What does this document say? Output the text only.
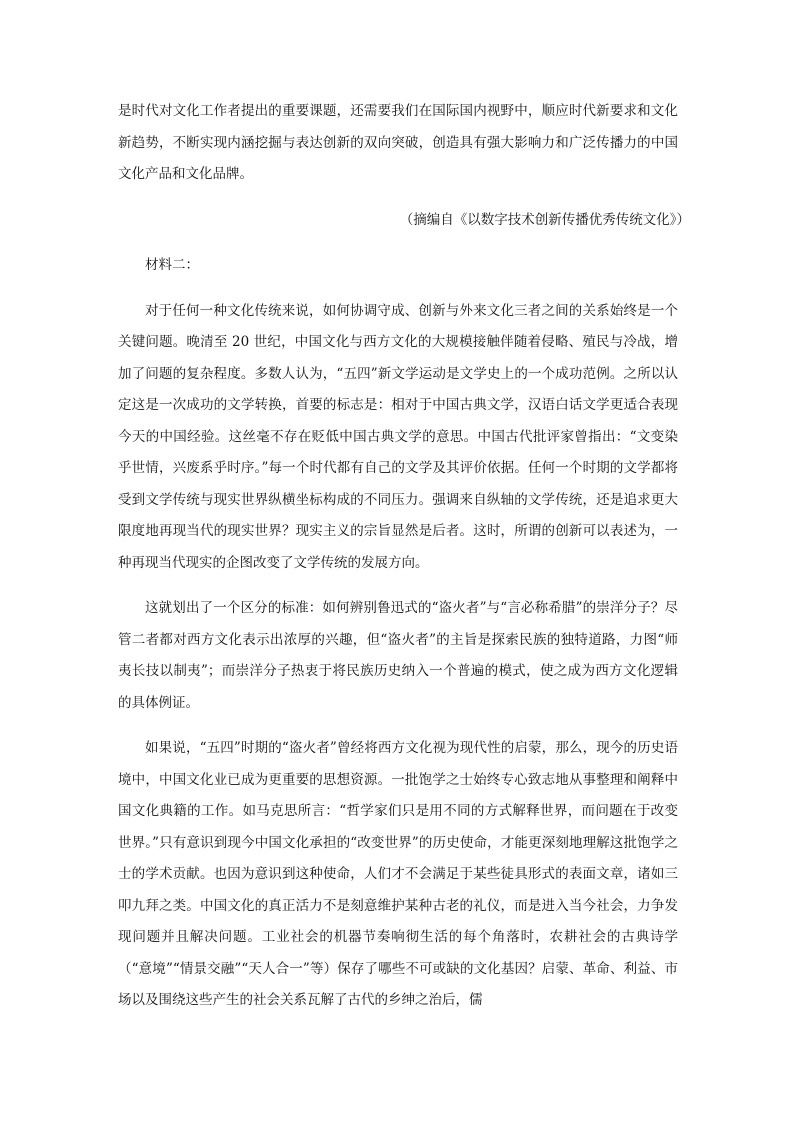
是时代对文化工作者提出的重要课题，还需要我们在国际国内视野中，顺应时代新要求和文化新趋势，不断实现内涵挖掘与表达创新的双向突破，创造具有强大影响力和广泛传播力的中国文化产品和文化品牌。

（摘编自《以数字技术创新传播优秀传统文化》）

材料二：

对于任何一种文化传统来说，如何协调守成、创新与外来文化三者之间的关系始终是一个关键问题。晚清至 20 世纪，中国文化与西方文化的大规模接触伴随着侵略、殖民与冷战，增加了问题的复杂程度。多数人认为，“五四”新文学运动是文学史上的一个成功范例。之所以认定这是一次成功的文学转换，首要的标志是：相对于中国古典文学，汉语白话文学更适合表现今天的中国经验。这丝毫不存在贬低中国古典文学的意思。中国古代批评家曾指出：“文变染乎世情，兴废系乎时序。”每一个时代都有自己的文学及其评价依据。任何一个时期的文学都将受到文学传统与现实世界纵横坐标构成的不同压力。强调来自纵轴的文学传统，还是追求更大限度地再现当代的现实世界？现实主义的宗旨显然是后者。这时，所谓的创新可以表述为，一种再现当代现实的企图改变了文学传统的发展方向。

这就划出了一个区分的标准：如何辨别鲁迅式的“盗火者”与“言必称希腊”的崇洋分子？尽管二者都对西方文化表示出浓厚的兴趣，但“盗火者”的主旨是探索民族的独特道路，力图“师夷长技以制夷”；而崇洋分子热衷于将民族历史纳入一个普遍的模式，使之成为西方文化逻辑的具体例证。

如果说，“五四”时期的“盗火者”曾经将西方文化视为现代性的启蒙，那么，现今的历史语境中，中国文化业已成为更重要的思想资源。一批饱学之士始终专心致志地从事整理和阐释中国文化典籍的工作。如马克思所言：“哲学家们只是用不同的方式解释世界，而问题在于改变世界。”只有意识到现今中国文化承担的“改变世界”的历史使命，才能更深刻地理解这批饱学之士的学术贡献。也因为意识到这种使命，人们才不会满足于某些徒具形式的表面文章，诸如三叩九拜之类。中国文化的真正活力不是刻意维护某种古老的礼仪，而是进入当今社会，力争发现问题并且解决问题。工业社会的机器节奏响彻生活的每个角落时，农耕社会的古典诗学（“意境”“情景交融”“天人合一”等）保存了哪些不可或缺的文化基因？启蒙、革命、利益、市场以及围绕这些产生的社会关系瓦解了古代的乡绅之治后，儒
